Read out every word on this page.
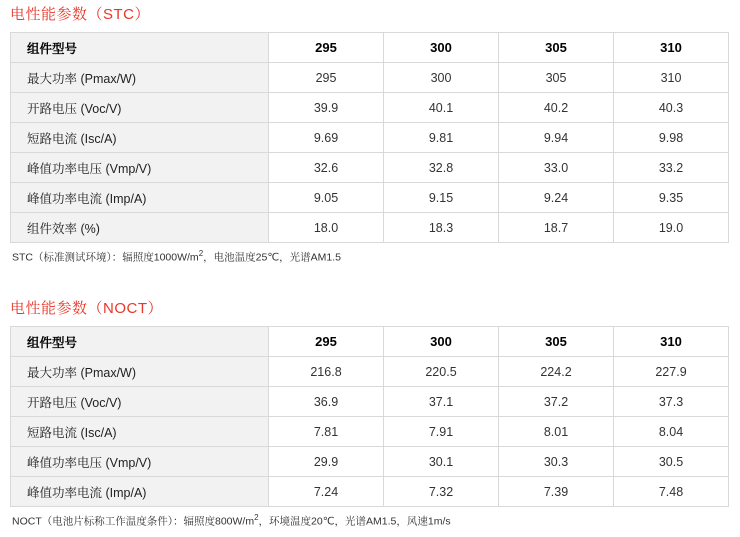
电性能参数（STC）
组件型号	295	300	305	310
最大功率 (Pmax/W)	295	300	305	310
开路电压 (Voc/V)	39.9	40.1	40.2	40.3
短路电流 (Isc/A)	9.69	9.81	9.94	9.98
峰值功率电压 (Vmp/V)	32.6	32.8	33.0	33.2
峰值功率电流 (Imp/A)	9.05	9.15	9.24	9.35
组件效率 (%)	18.0	18.3	18.7	19.0
STC（标准测试环境）：辐照度$1000W/m^2$，电池温度25℃，光谱AM1.5
电性能参数（NOCT）
组件型号	295	300	305	310
最大功率 (Pmax/W)	216.8	220.5	224.2	227.9
开路电压 (Voc/V)	36.9	37.1	37.2	37.3
短路电流 (Isc/A)	7.81	7.91	8.01	8.04
峰值功率电压 (Vmp/V)	29.9	30.1	30.3	30.5
峰值功率电流 (Imp/A)	7.24	7.32	7.39	7.48
NOCT（电池片标称工作温度条件）：辐照度$800W/m^2$，环境温度20℃，光谱AM1.5，风速1m/s
